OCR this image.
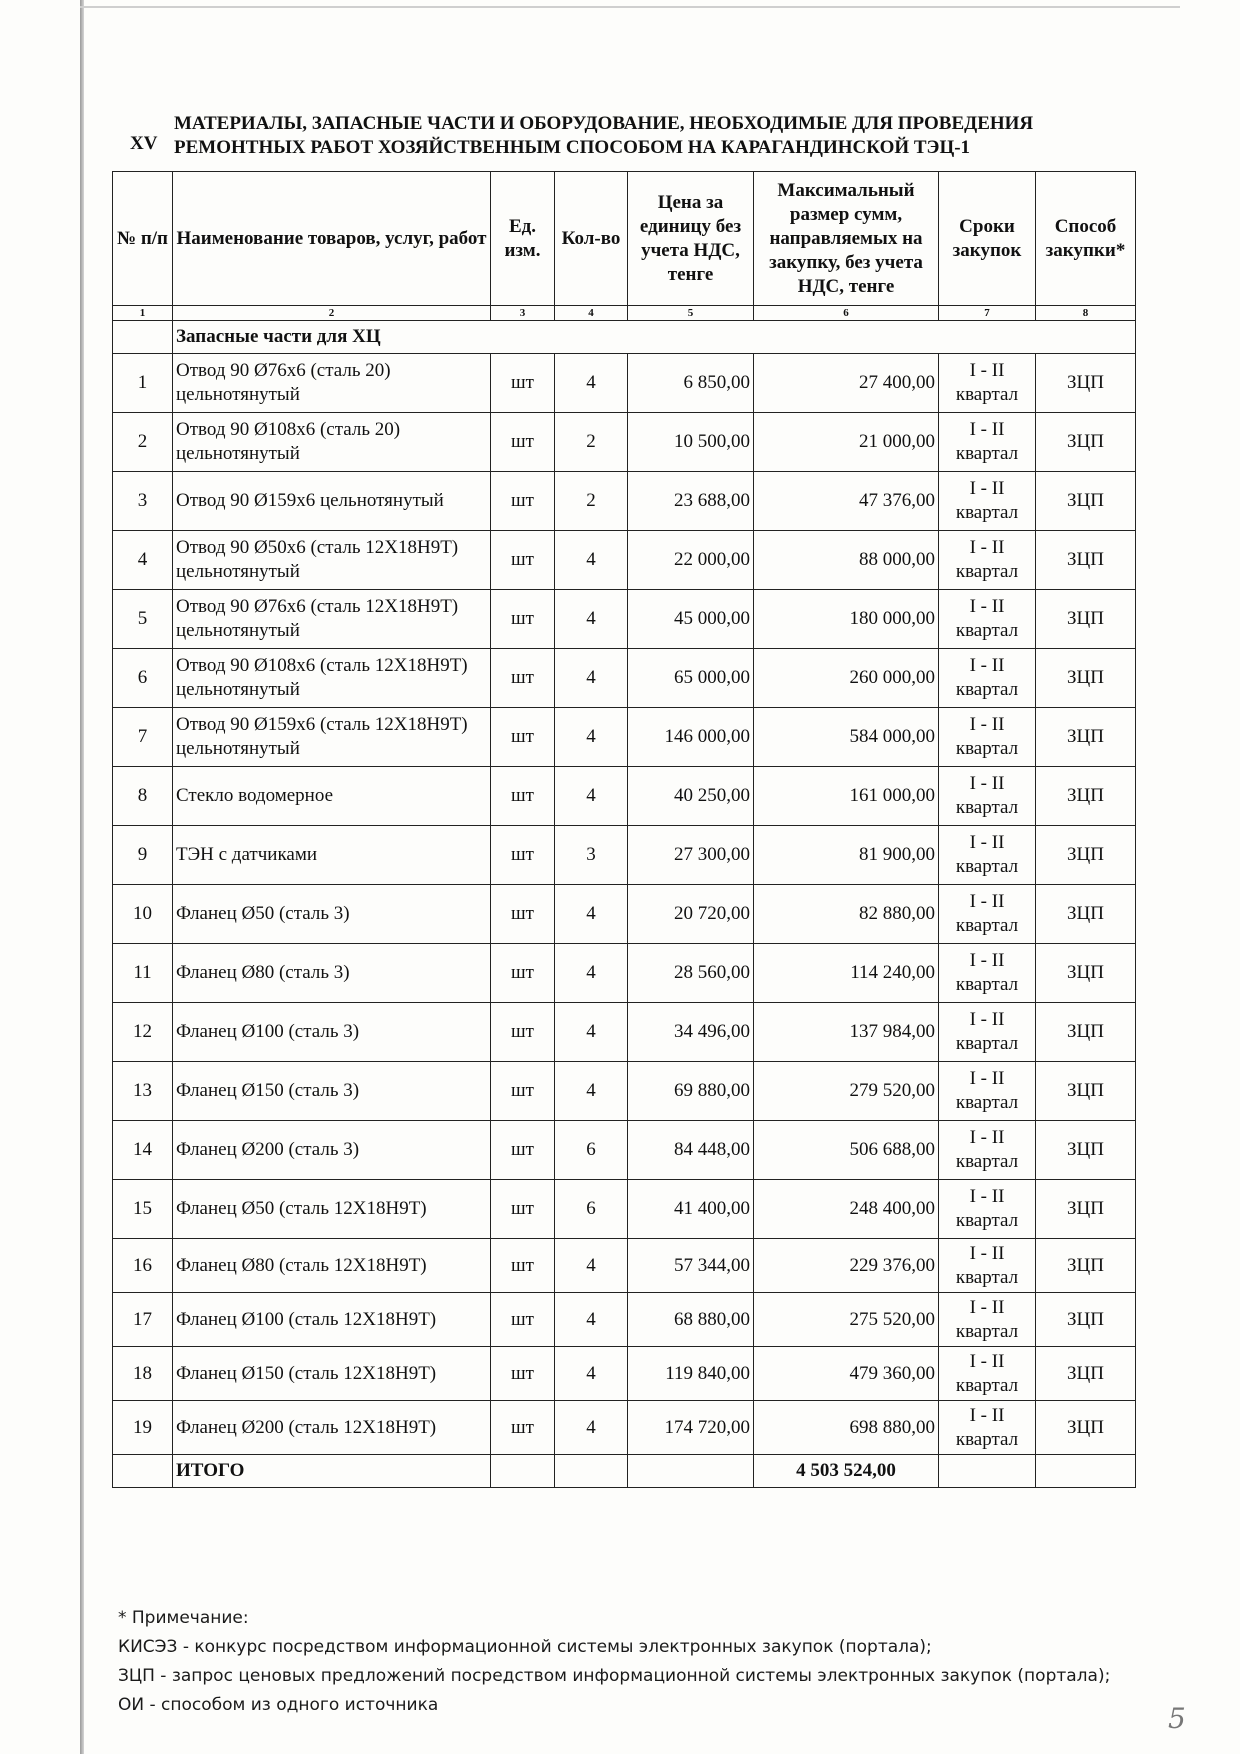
XV
МАТЕРИАЛЫ, ЗАПАСНЫЕ ЧАСТИ И ОБОРУДОВАНИЕ, НЕОБХОДИМЫЕ ДЛЯ ПРОВЕДЕНИЯ
РЕМОНТНЫХ РАБОТ ХОЗЯЙСТВЕННЫМ СПОСОБОМ НА КАРАГАНДИНСКОЙ ТЭЦ-1
№ п/п	Наименование товаров, услуг, работ	Ед. изм.	Кол-во	Цена за единицу без учета НДС, тенге	Максимальный размер сумм, направляемых на закупку, без учета НДС, тенге	Сроки закупок	Способ закупки*
1	2	3	4	5	6	7	8
	Запасные части для ХЦ						
1	Отвод 90 Ø76х6 (сталь 20) цельнотянутый	шт	4	6 850,00	27 400,00	I - II квартал	ЗЦП
2	Отвод 90 Ø108х6 (сталь 20) цельнотянутый	шт	2	10 500,00	21 000,00	I - II квартал	ЗЦП
3	Отвод 90 Ø159х6 цельнотянутый	шт	2	23 688,00	47 376,00	I - II квартал	ЗЦП
4	Отвод 90 Ø50х6 (сталь 12Х18Н9Т) цельнотянутый	шт	4	22 000,00	88 000,00	I - II квартал	ЗЦП
5	Отвод 90 Ø76х6 (сталь 12Х18Н9Т) цельнотянутый	шт	4	45 000,00	180 000,00	I - II квартал	ЗЦП
6	Отвод 90 Ø108х6 (сталь 12Х18Н9Т) цельнотянутый	шт	4	65 000,00	260 000,00	I - II квартал	ЗЦП
7	Отвод 90 Ø159х6 (сталь 12Х18Н9Т) цельнотянутый	шт	4	146 000,00	584 000,00	I - II квартал	ЗЦП
8	Стекло водомерное	шт	4	40 250,00	161 000,00	I - II квартал	ЗЦП
9	ТЭН с датчиками	шт	3	27 300,00	81 900,00	I - II квартал	ЗЦП
10	Фланец Ø50 (сталь 3)	шт	4	20 720,00	82 880,00	I - II квартал	ЗЦП
11	Фланец Ø80 (сталь 3)	шт	4	28 560,00	114 240,00	I - II квартал	ЗЦП
12	Фланец Ø100 (сталь 3)	шт	4	34 496,00	137 984,00	I - II квартал	ЗЦП
13	Фланец Ø150 (сталь 3)	шт	4	69 880,00	279 520,00	I - II квартал	ЗЦП
14	Фланец Ø200 (сталь 3)	шт	6	84 448,00	506 688,00	I - II квартал	ЗЦП
15	Фланец Ø50 (сталь 12Х18Н9Т)	шт	6	41 400,00	248 400,00	I - II квартал	ЗЦП
16	Фланец Ø80 (сталь 12Х18Н9Т)	шт	4	57 344,00	229 376,00	I - II квартал	ЗЦП
17	Фланец Ø100 (сталь 12Х18Н9Т)	шт	4	68 880,00	275 520,00	I - II квартал	ЗЦП
18	Фланец Ø150 (сталь 12Х18Н9Т)	шт	4	119 840,00	479 360,00	I - II квартал	ЗЦП
19	Фланец Ø200 (сталь 12Х18Н9Т)	шт	4	174 720,00	698 880,00	I - II квартал	ЗЦП
	ИТОГО				4 503 524,00		
* Примечание:
КИСЭЗ - конкурс посредством информационной системы электронных закупок (портала);
ЗЦП - запрос ценовых предложений посредством информационной системы электронных закупок (портала);
ОИ - способом из одного источника	5
